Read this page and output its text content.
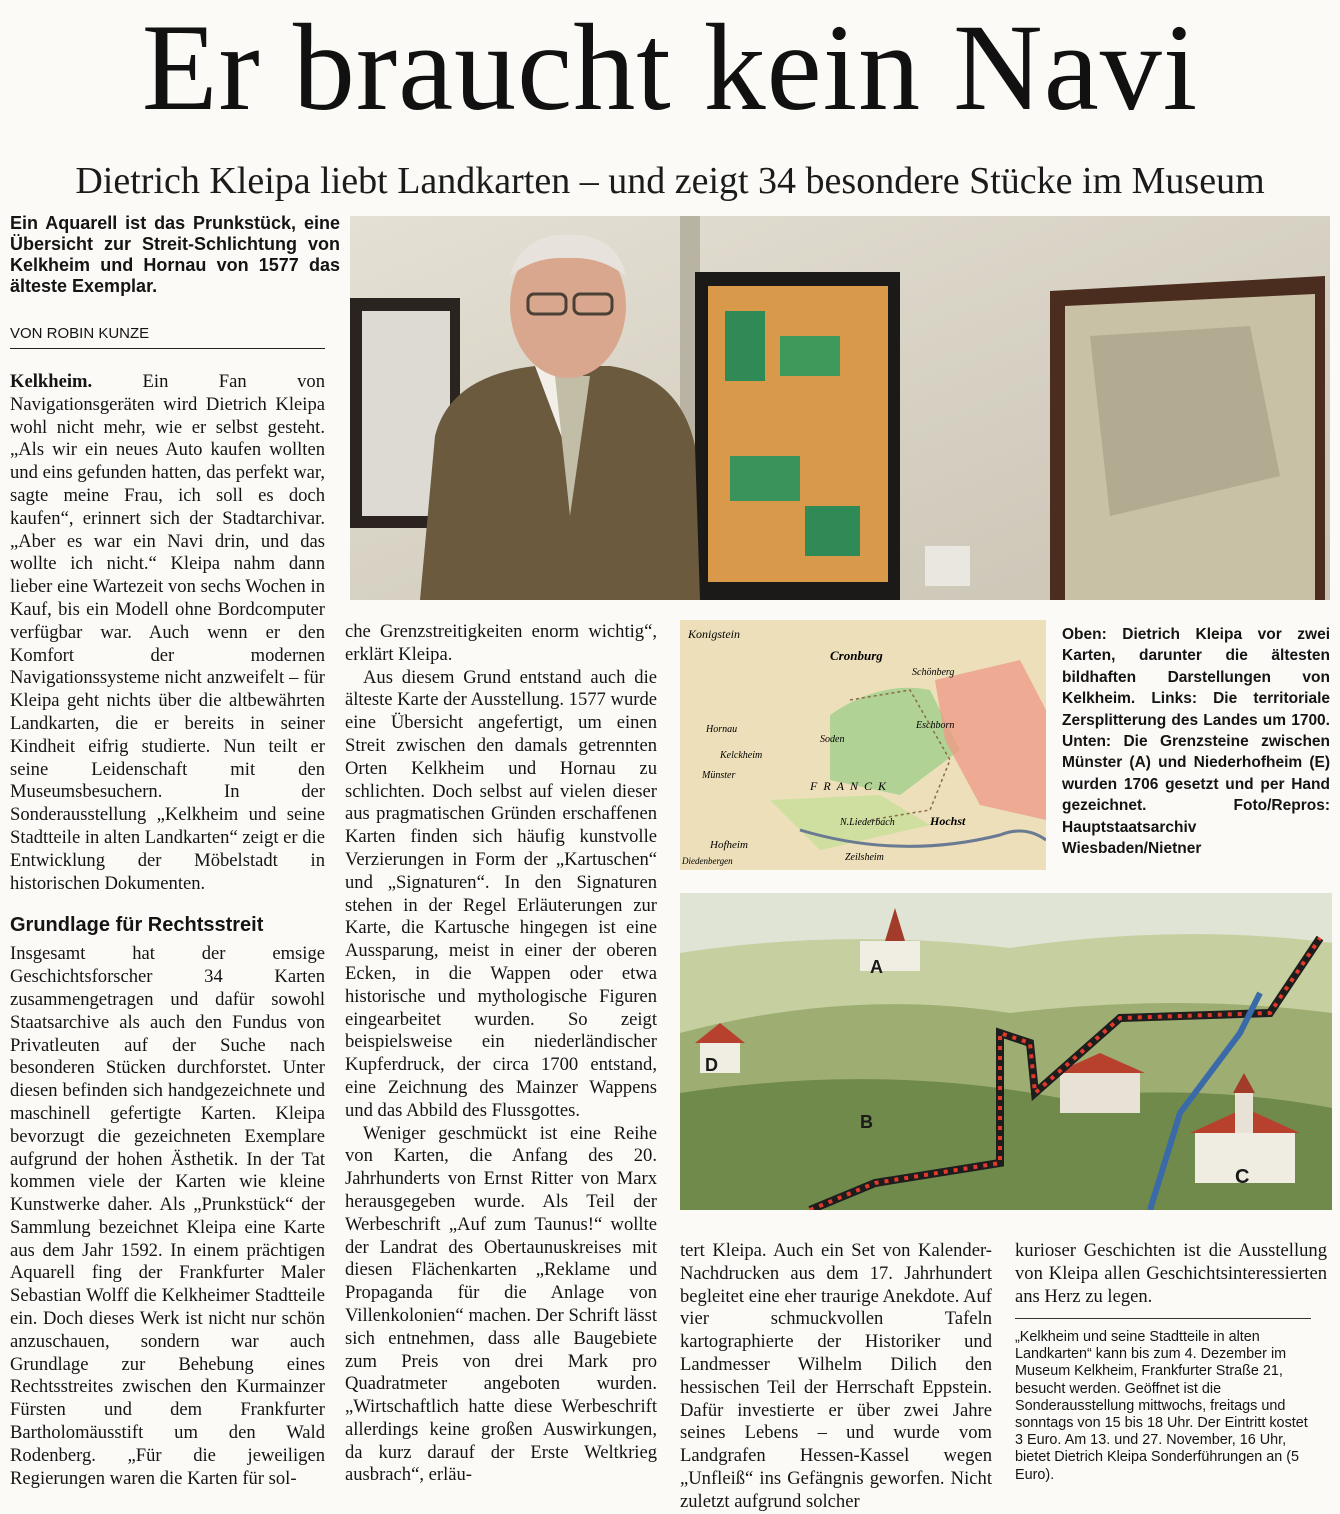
Er braucht kein Navi
Dietrich Kleipa liebt Landkarten – und zeigt 34 besondere Stücke im Museum
Ein Aquarell ist das Prunkstück, eine Übersicht zur Streit-Schlichtung von Kelkheim und Hornau von 1577 das älteste Exemplar.
VON ROBIN KUNZE

Kelkheim.	Ein Fan von Navigationsgeräten wird Dietrich Kleipa wohl nicht mehr, wie er selbst gesteht. „Als wir ein neues Auto kaufen wollten und eins gefunden hatten, das perfekt war, sagte meine Frau, ich soll es doch kaufen“, erinnert sich der Stadtarchivar. „Aber es war ein Navi drin, und das wollte ich nicht.“ Kleipa nahm dann lieber eine Wartezeit von sechs Wochen in Kauf, bis ein Modell ohne Bordcomputer verfügbar war. Auch wenn er den Komfort der modernen Navigationssysteme nicht anzweifelt – für Kleipa geht nichts über die altbewährten Landkarten, die er bereits in seiner Kindheit eifrig studierte. Nun teilt er seine Leidenschaft mit den Museumsbesuchern. In der Sonderausstellung „Kelkheim und seine Stadtteile in alten Landkarten“ zeigt er die Entwicklung der Möbelstadt in historischen Dokumenten.

Grundlage für Rechtsstreit

Insgesamt hat der emsige Geschichtsforscher 34 Karten zusammengetragen und dafür sowohl Staatsarchive als auch den Fundus von Privatleuten auf der Suche nach besonderen Stücken durchforstet. Unter diesen befinden sich handgezeichnete und maschinell gefertigte Karten. Kleipa bevorzugt die gezeichneten Exemplare aufgrund der hohen Ästhetik. In der Tat kommen viele der Karten wie kleine Kunstwerke daher. Als „Prunkstück“ der Sammlung bezeichnet Kleipa eine Karte aus dem Jahr 1592. In einem prächtigen Aquarell fing der Frankfurter Maler Sebastian Wolff die Kelkheimer Stadtteile ein. Doch dieses Werk ist nicht nur schön anzuschauen, sondern war auch Grundlage zur Behebung eines Rechtsstreites zwischen den Kurmainzer Fürsten und dem Frankfurter Bartholomäusstift um den Wald Rodenberg. „Für die jeweiligen Regierungen waren die Karten für sol-

che Grenzstreitigkeiten enorm wichtig“, erklärt Kleipa.

Aus diesem Grund entstand auch die älteste Karte der Ausstellung. 1577 wurde eine Übersicht angefertigt, um einen Streit zwischen den damals getrennten Orten Kelkheim und Hornau zu schlichten. Doch selbst auf vielen dieser aus pragmatischen Gründen erschaffenen Karten finden sich häufig kunstvolle Verzierungen in Form der „Kartuschen“ und „Signaturen“. In den Signaturen stehen in der Regel Erläuterungen zur Karte, die Kartusche hingegen ist eine Aussparung, meist in einer der oberen Ecken, in die Wappen oder etwa historische und mythologische Figuren eingearbeitet wurden. So zeigt beispielsweise ein niederländischer Kupferdruck, der circa 1700 entstand, eine Zeichnung des Mainzer Wappens und das Abbild des Flussgottes.

Weniger geschmückt ist eine Reihe von Karten, die Anfang des 20. Jahrhunderts von Ernst Ritter von Marx herausgegeben wurde. Als Teil der Werbeschrift „Auf zum Taunus!“ wollte der Landrat des Obertaunuskreises mit diesen Flächenkarten „Reklame und Propaganda für die Anlage von Villenkolonien“ machen. Der Schrift lässt sich entnehmen, dass alle Baugebiete zum Preis von drei Mark pro Quadratmeter angeboten wurden. „Wirtschaftlich hatte diese Werbeschrift allerdings keine großen Auswirkungen, da kurz darauf der Erste Weltkrieg ausbrach“, erläu-

Konigstein
Cronburg
Schönberg
Hornau
Soden
Kelckheim
Münster
Eschborn
FRANCK
Hofheim
Diedenbergen
N.Liederbach	Hochst
Zeilsheim
Oben: Dietrich Kleipa vor zwei Karten, darunter die ältesten bildhaften Darstellungen von Kelkheim. Links: Die territoriale Zersplitterung des Landes um 1700. Unten: Die Grenzsteine zwischen Münster (A) und Niederhofheim (E) wurden 1706 gesetzt und per Hand gezeichnet. Foto/Repros: Hauptstaatsarchiv Wiesbaden/Nietner
A
B
C
D

tert Kleipa. Auch ein Set von Kalender-Nachdrucken aus dem 17. Jahrhundert begleitet eine eher traurige Anekdote. Auf vier schmuckvollen Tafeln kartographierte der Historiker und Landmesser Wilhelm Dilich den hessischen Teil der Herrschaft Eppstein. Dafür investierte er über zwei Jahre seines Lebens – und wurde vom Landgrafen Hessen-Kassel wegen „Unfleiß“ ins Gefängnis geworfen. Nicht zuletzt aufgrund solcher

kurioser Geschichten ist die Ausstellung von Kleipa allen Geschichtsinteressierten ans Herz zu legen.

„Kelkheim und seine Stadtteile in alten Landkarten“ kann bis zum 4. Dezember im Museum Kelkheim, Frankfurter Straße 21, besucht werden. Geöffnet ist die Sonderausstellung mittwochs, freitags und sonntags von 15 bis 18 Uhr. Der Eintritt kostet 3 Euro. Am 13. und 27. November, 16 Uhr, bietet Dietrich Kleipa Sonderführungen an (5 Euro).
